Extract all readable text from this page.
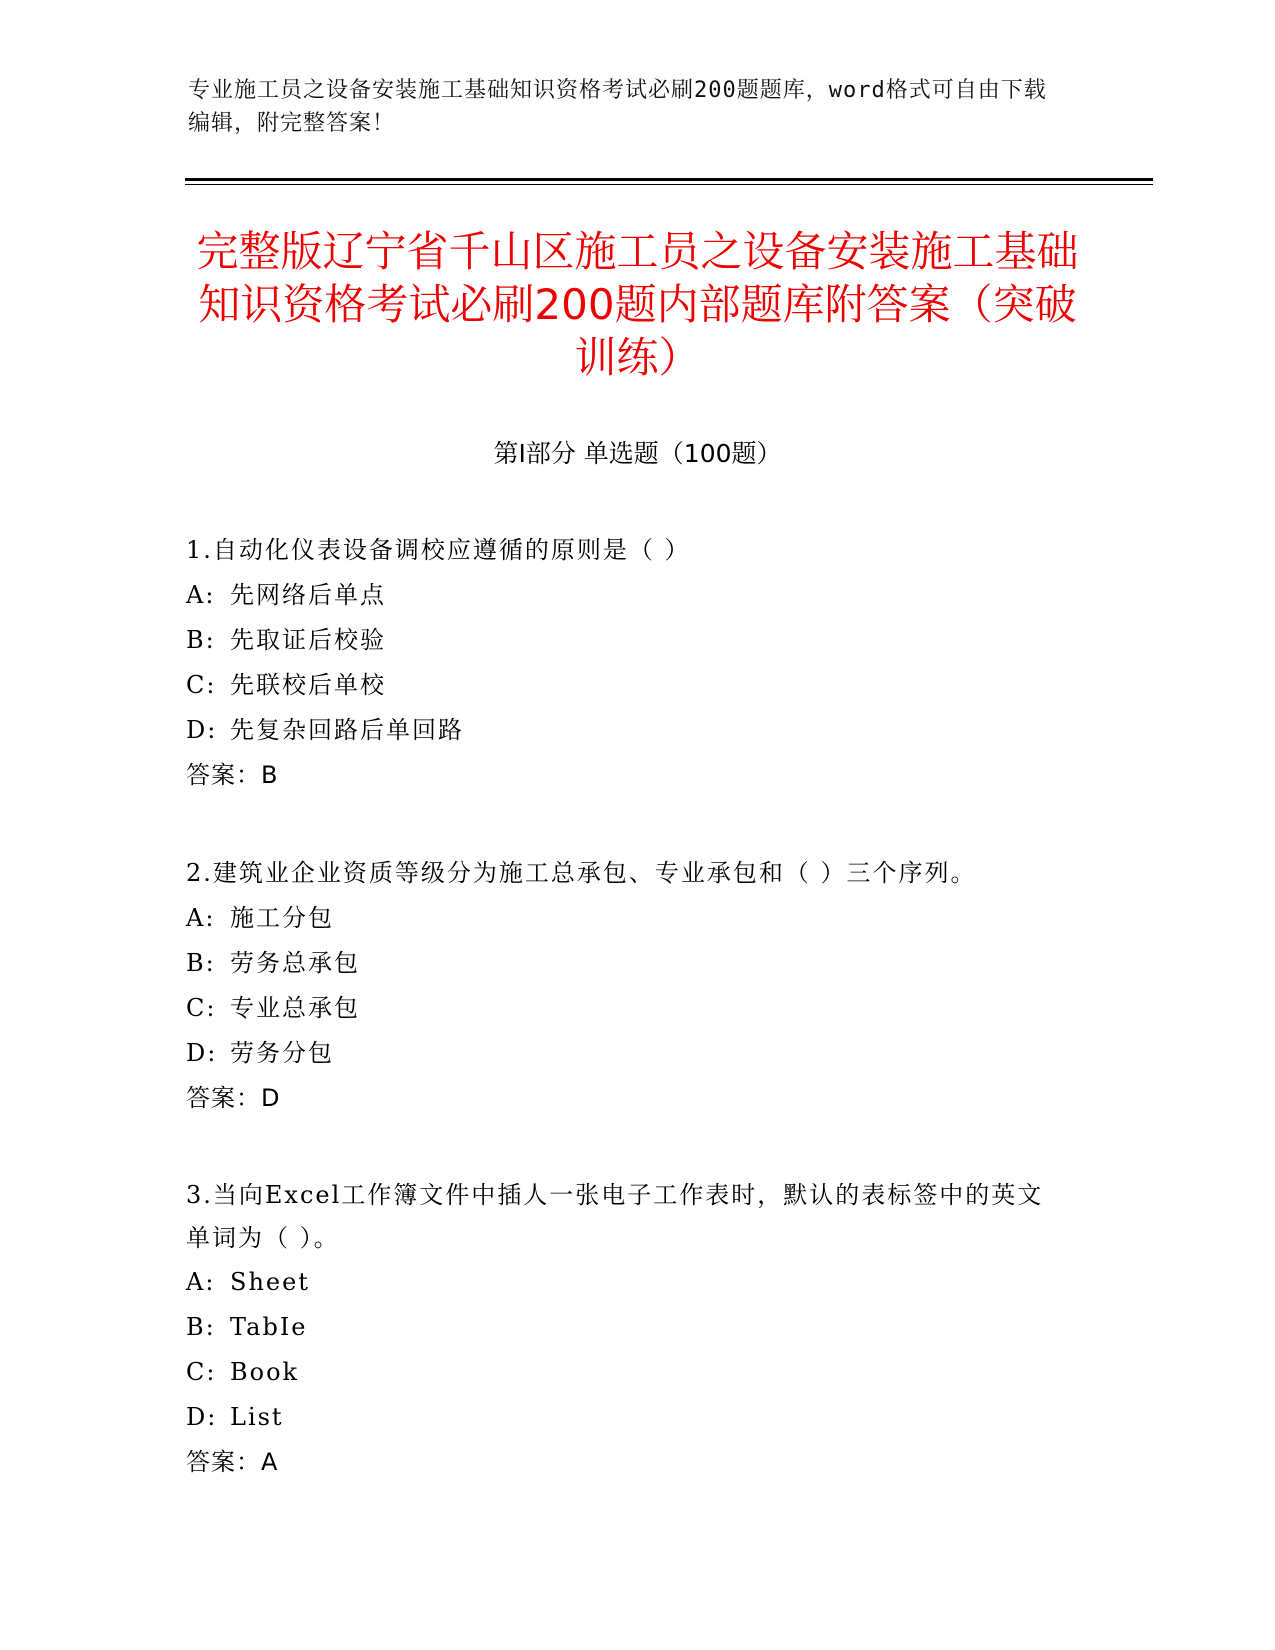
专业施工员之设备安装施工基础知识资格考试必刷200题题库，word格式可自由下载编辑，附完整答案！
完整版辽宁省千山区施工员之设备安装施工基础知识资格考试必刷200题内部题库附答案（突破训练）
第Ⅰ部分 单选题（100题）
1.自动化仪表设备调校应遵循的原则是（ ）
A: 先网络后单点
B: 先取证后校验
C: 先联校后单校
D: 先复杂回路后单回路
答案：B
2.建筑业企业资质等级分为施工总承包、专业承包和（ ）三个序列。
A: 施工分包
B: 劳务总承包
C: 专业总承包
D: 劳务分包
答案：D
3.当向Excel工作簿文件中插人一张电子工作表时，默认的表标签中的英文单词为（ ）。
A: Sheet
B: TabIe
C: Book
D: List
答案：A
